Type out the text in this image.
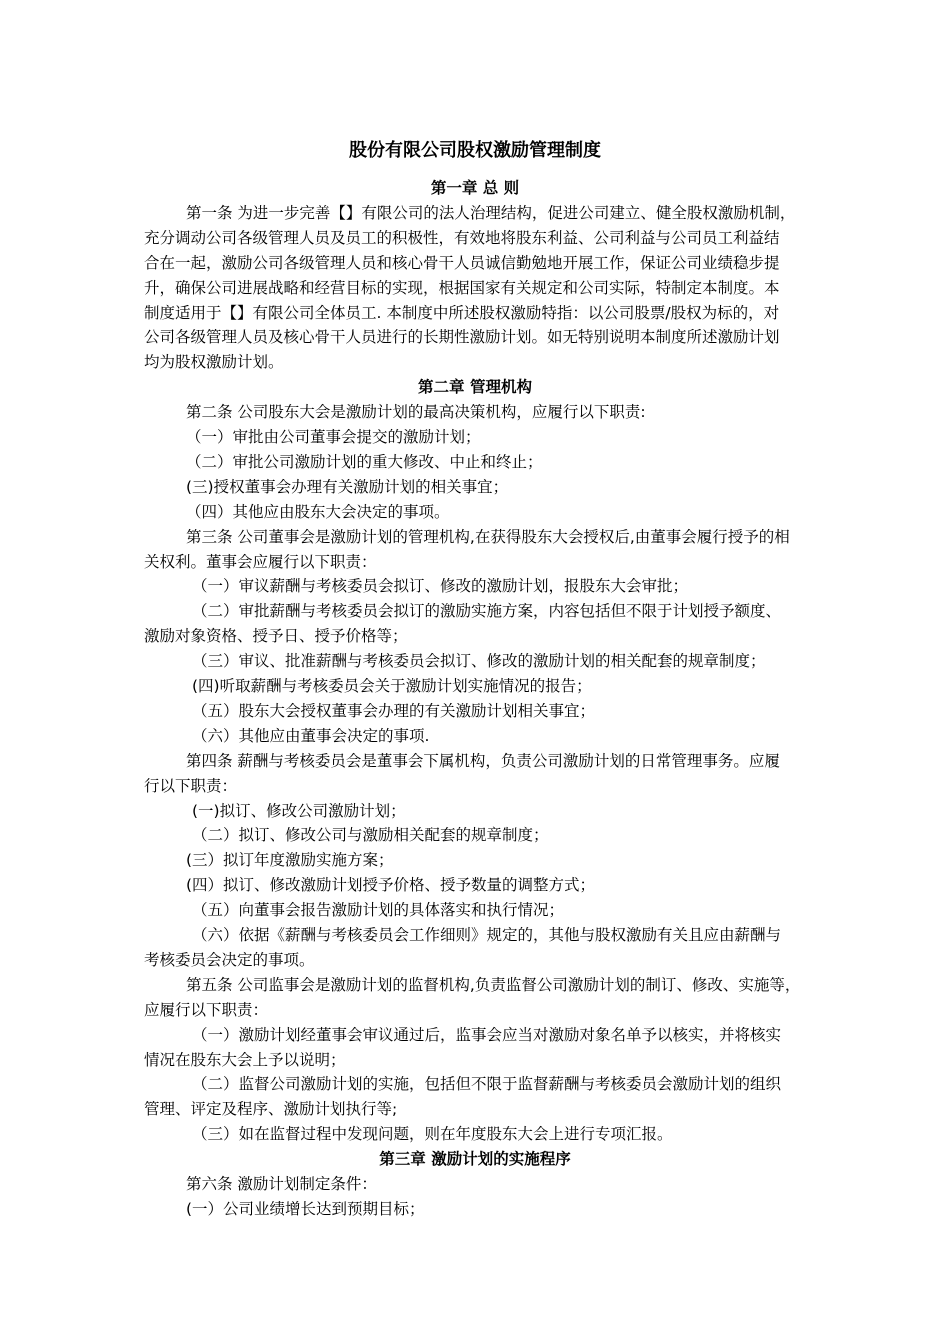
股份有限公司股权激励管理制度
第一章 总 则
第一条 为进一步完善【】有限公司的法人治理结构，促进公司建立、健全股权激励机制，
充分调动公司各级管理人员及员工的积极性，有效地将股东利益、公司利益与公司员工利益结
合在一起，激励公司各级管理人员和核心骨干人员诚信勤勉地开展工作，保证公司业绩稳步提
升，确保公司进展战略和经营目标的实现，根据国家有关规定和公司实际，特制定本制度。本
制度适用于【】有限公司全体员工. 本制度中所述股权激励特指：以公司股票/股权为标的，对
公司各级管理人员及核心骨干人员进行的长期性激励计划。如无特别说明本制度所述激励计划
均为股权激励计划。
第二章 管理机构
第二条 公司股东大会是激励计划的最高决策机构，应履行以下职责:
（一）审批由公司董事会提交的激励计划；
（二）审批公司激励计划的重大修改、中止和终止；
(三)授权董事会办理有关激励计划的相关事宜；
（四）其他应由股东大会决定的事项。
第三条 公司董事会是激励计划的管理机构,在获得股东大会授权后,由董事会履行授予的相
关权利。董事会应履行以下职责：
（一）审议薪酬与考核委员会拟订、修改的激励计划，报股东大会审批；
（二）审批薪酬与考核委员会拟订的激励实施方案，内容包括但不限于计划授予额度、
激励对象资格、授予日、授予价格等；
（三）审议、批准薪酬与考核委员会拟订、修改的激励计划的相关配套的规章制度；
(四)听取薪酬与考核委员会关于激励计划实施情况的报告；
（五）股东大会授权董事会办理的有关激励计划相关事宜；
（六）其他应由董事会决定的事项.
第四条 薪酬与考核委员会是董事会下属机构，负责公司激励计划的日常管理事务。应履
行以下职责：
(一)拟订、修改公司激励计划；
（二）拟订、修改公司与激励相关配套的规章制度；
(三）拟订年度激励实施方案；
(四）拟订、修改激励计划授予价格、授予数量的调整方式；
（五）向董事会报告激励计划的具体落实和执行情况；
（六）依据《薪酬与考核委员会工作细则》规定的，其他与股权激励有关且应由薪酬与
考核委员会决定的事项。
第五条 公司监事会是激励计划的监督机构,负责监督公司激励计划的制订、修改、实施等，
应履行以下职责：
（一）激励计划经董事会审议通过后，监事会应当对激励对象名单予以核实，并将核实
情况在股东大会上予以说明；
（二）监督公司激励计划的实施，包括但不限于监督薪酬与考核委员会激励计划的组织
管理、评定及程序、激励计划执行等;
（三）如在监督过程中发现问题，则在年度股东大会上进行专项汇报。
第三章 激励计划的实施程序
第六条 激励计划制定条件：
(一）公司业绩增长达到预期目标；
